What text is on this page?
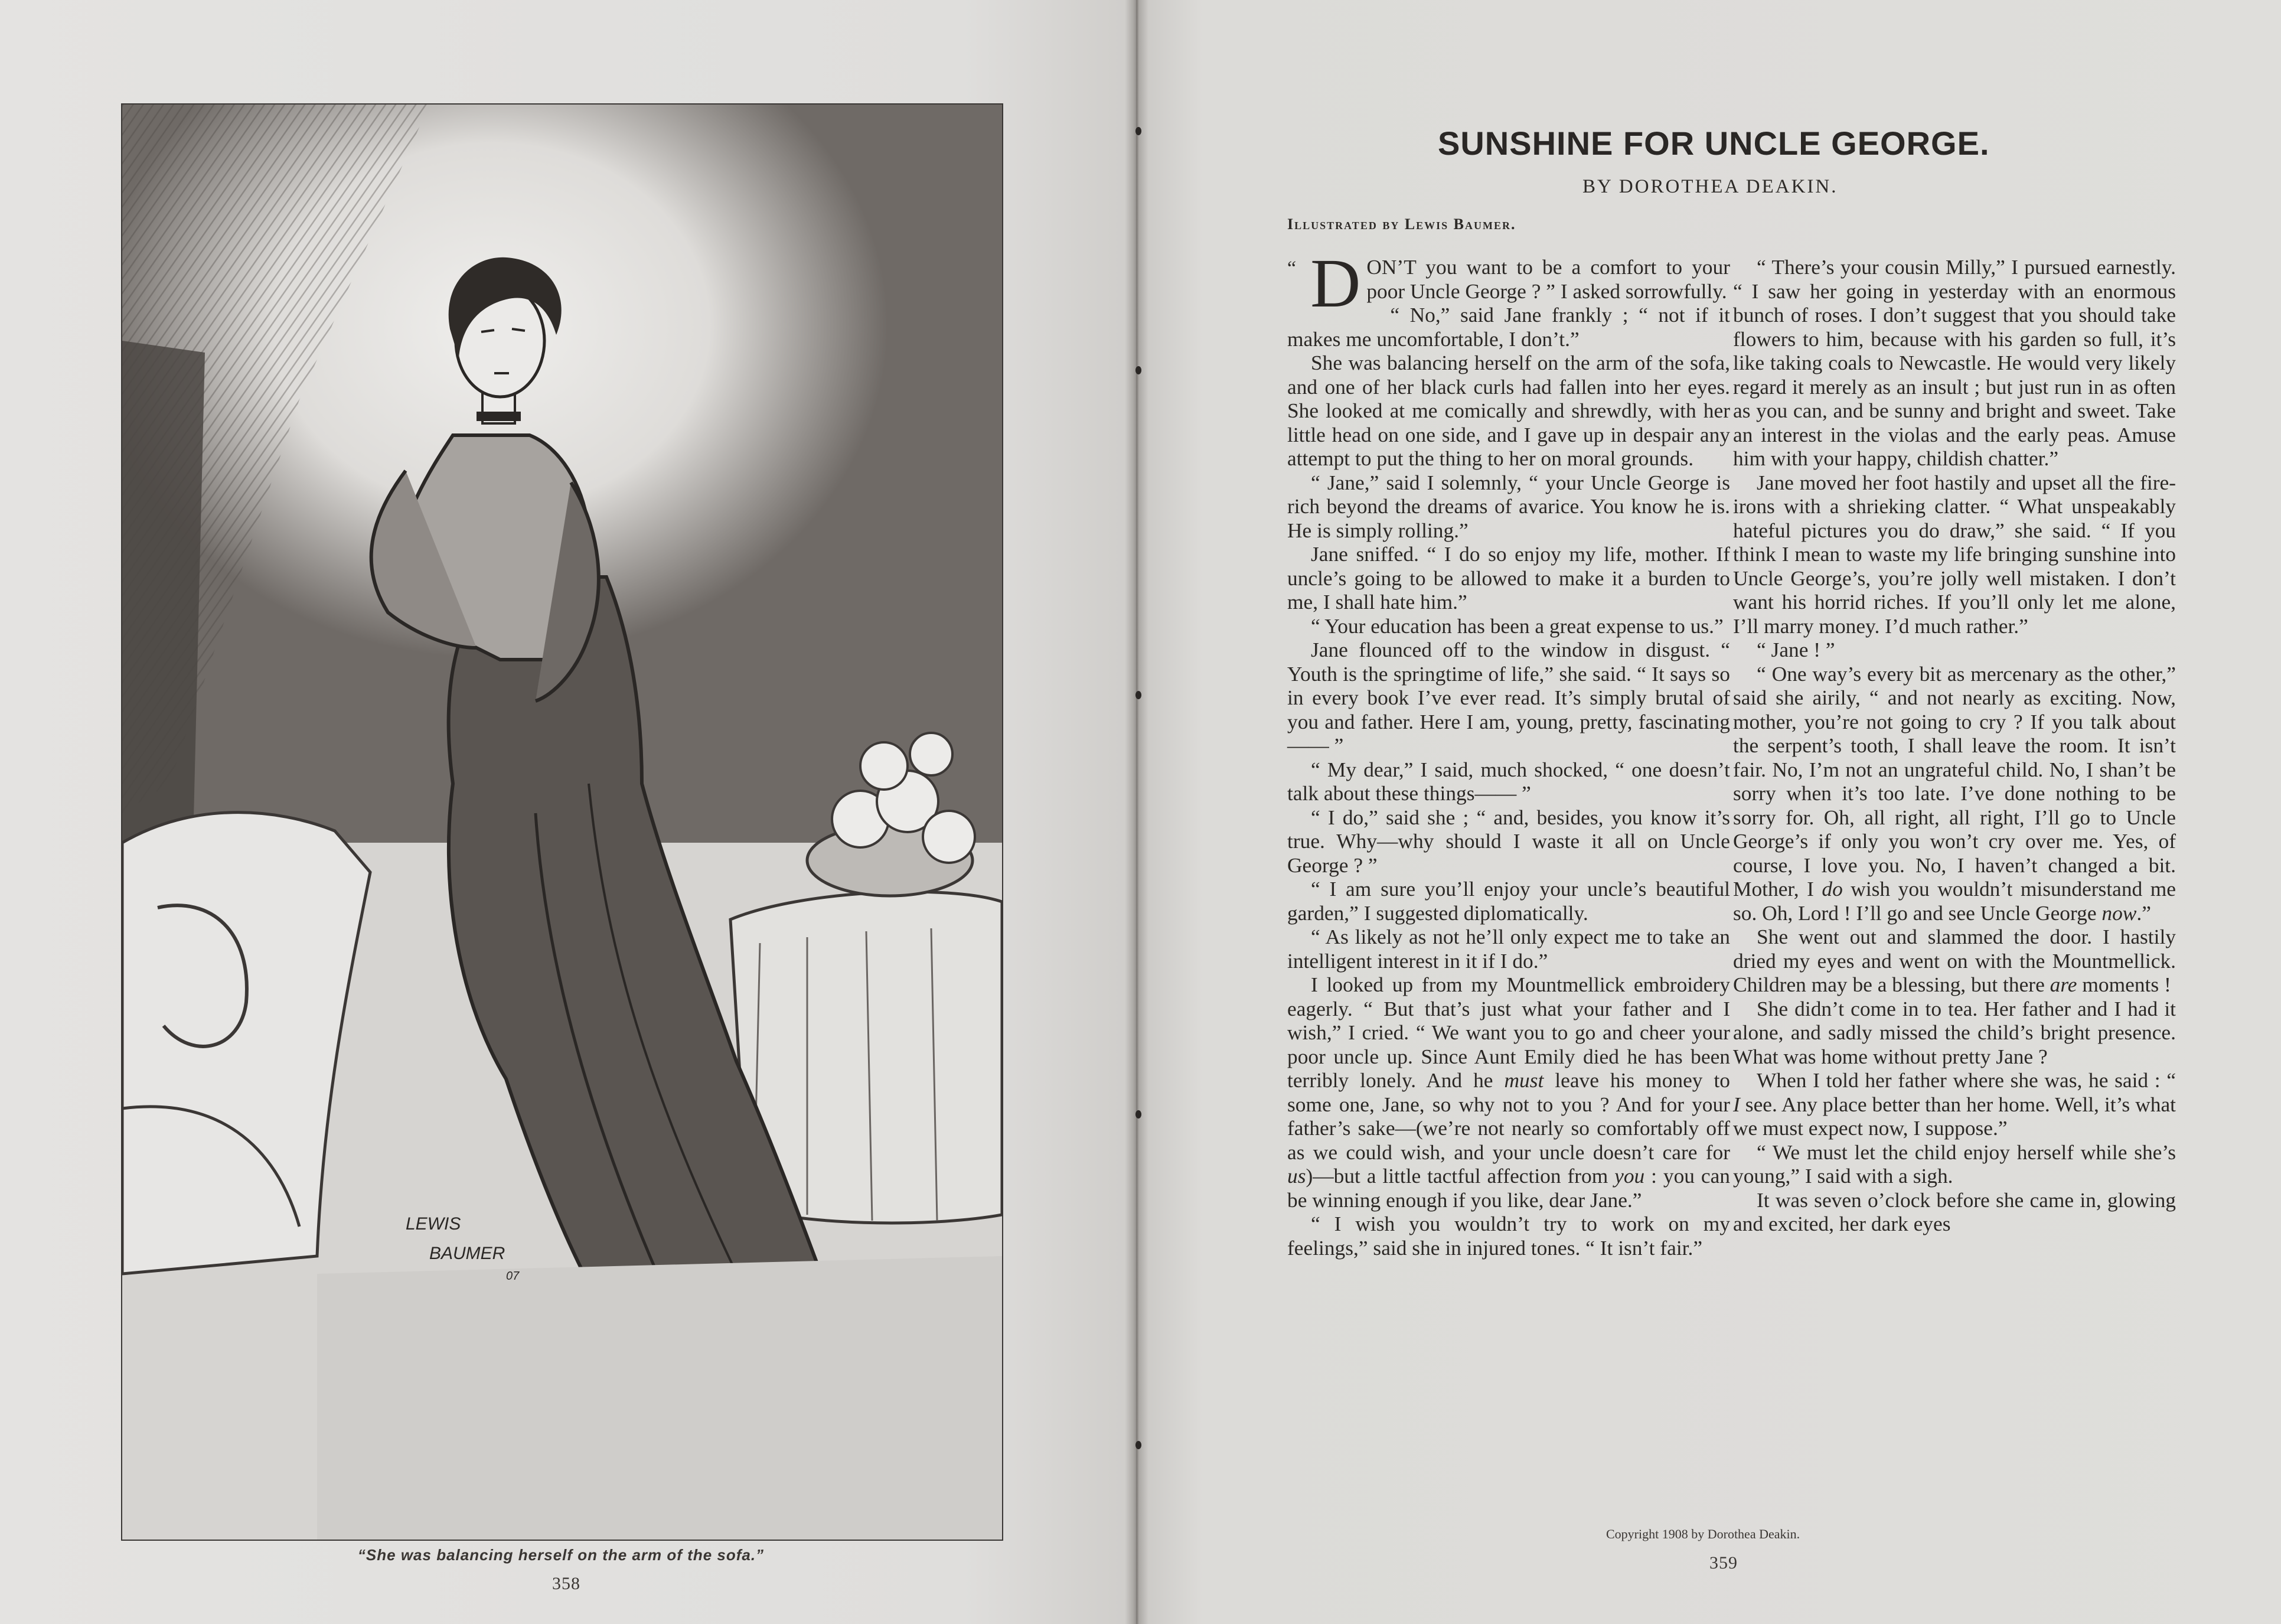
LEWIS
BAUMER
07
“She was balancing herself on the arm of the sofa.”
358
SUNSHINE FOR UNCLE GEORGE.
BY DOROTHEA DEAKIN.
Illustrated by Lewis Baumer.

“ D ON’T you want to be a comfort to your poor Uncle George ? ” I asked sorrowfully.

“ No,” said Jane frankly ; “ not if it makes me uncomfortable, I don’t.”

She was balancing herself on the arm of the sofa, and one of her black curls had fallen into her eyes. She looked at me comically and shrewdly, with her little head on one side, and I gave up in despair any attempt to put the thing to her on moral grounds.

“ Jane,” said I solemnly, “ your Uncle George is rich beyond the dreams of avarice. You know he is. He is simply rolling.”

Jane sniffed. “ I do so enjoy my life, mother. If uncle’s going to be allowed to make it a burden to me, I shall hate him.”

“ Your education has been a great expense to us.”

Jane flounced off to the window in disgust. “ Youth is the springtime of life,” she said. “ It says so in every book I’ve ever read. It’s simply brutal of you and father. Here I am, young, pretty, fascinating—— ”

“ My dear,” I said, much shocked, “ one doesn’t talk about these things—— ”

“ I do,” said she ; “ and, besides, you know it’s true. Why—why should I waste it all on Uncle George ? ”

“ I am sure you’ll enjoy your uncle’s beautiful garden,” I suggested diplomatically.

“ As likely as not he’ll only expect me to take an intelligent interest in it if I do.”

I looked up from my Mountmellick embroidery eagerly. “ But that’s just what your father and I wish,” I cried. “ We want you to go and cheer your poor uncle up. Since Aunt Emily died he has been terribly lonely. And he must leave his money to some one, Jane, so why not to you ? And for your father’s sake—(we’re not nearly so comfortably off as we could wish, and your uncle doesn’t care for us)—but a little tactful affection from you : you can be winning enough if you like, dear Jane.”

“ I wish you wouldn’t try to work on my feelings,” said she in injured tones. “ It isn’t fair.”

“ There’s your cousin Milly,” I pursued earnestly. “ I saw her going in yesterday with an enormous bunch of roses. I don’t suggest that you should take flowers to him, because with his garden so full, it’s like taking coals to Newcastle. He would very likely regard it merely as an insult ; but just run in as often as you can, and be sunny and bright and sweet. Take an interest in the violas and the early peas. Amuse him with your happy, childish chatter.”

Jane moved her foot hastily and upset all the fire-irons with a shrieking clatter. “ What unspeakably hateful pictures you do draw,” she said. “ If you think I mean to waste my life bringing sunshine into Uncle George’s, you’re jolly well mistaken. I don’t want his horrid riches. If you’ll only let me alone, I’ll marry money. I’d much rather.”

“ Jane ! ”

“ One way’s every bit as mercenary as the other,” said she airily, “ and not nearly as exciting. Now, mother, you’re not going to cry ? If you talk about the serpent’s tooth, I shall leave the room. It isn’t fair. No, I’m not an ungrateful child. No, I shan’t be sorry when it’s too late. I’ve done nothing to be sorry for. Oh, all right, all right, I’ll go to Uncle George’s if only you won’t cry over me. Yes, of course, I love you. No, I haven’t changed a bit. Mother, I do wish you wouldn’t misunderstand me so. Oh, Lord ! I’ll go and see Uncle George now.”

She went out and slammed the door. I hastily dried my eyes and went on with the Mountmellick. Children may be a blessing, but there are moments !

She didn’t come in to tea. Her father and I had it alone, and sadly missed the child’s bright presence. What was home without pretty Jane ?

When I told her father where she was, he said : “ I see. Any place better than her home. Well, it’s what we must expect now, I suppose.”

“ We must let the child enjoy herself while she’s young,” I said with a sigh.

It was seven o’clock before she came in, glowing and excited, her dark eyes

Copyright 1908 by Dorothea Deakin.
359
